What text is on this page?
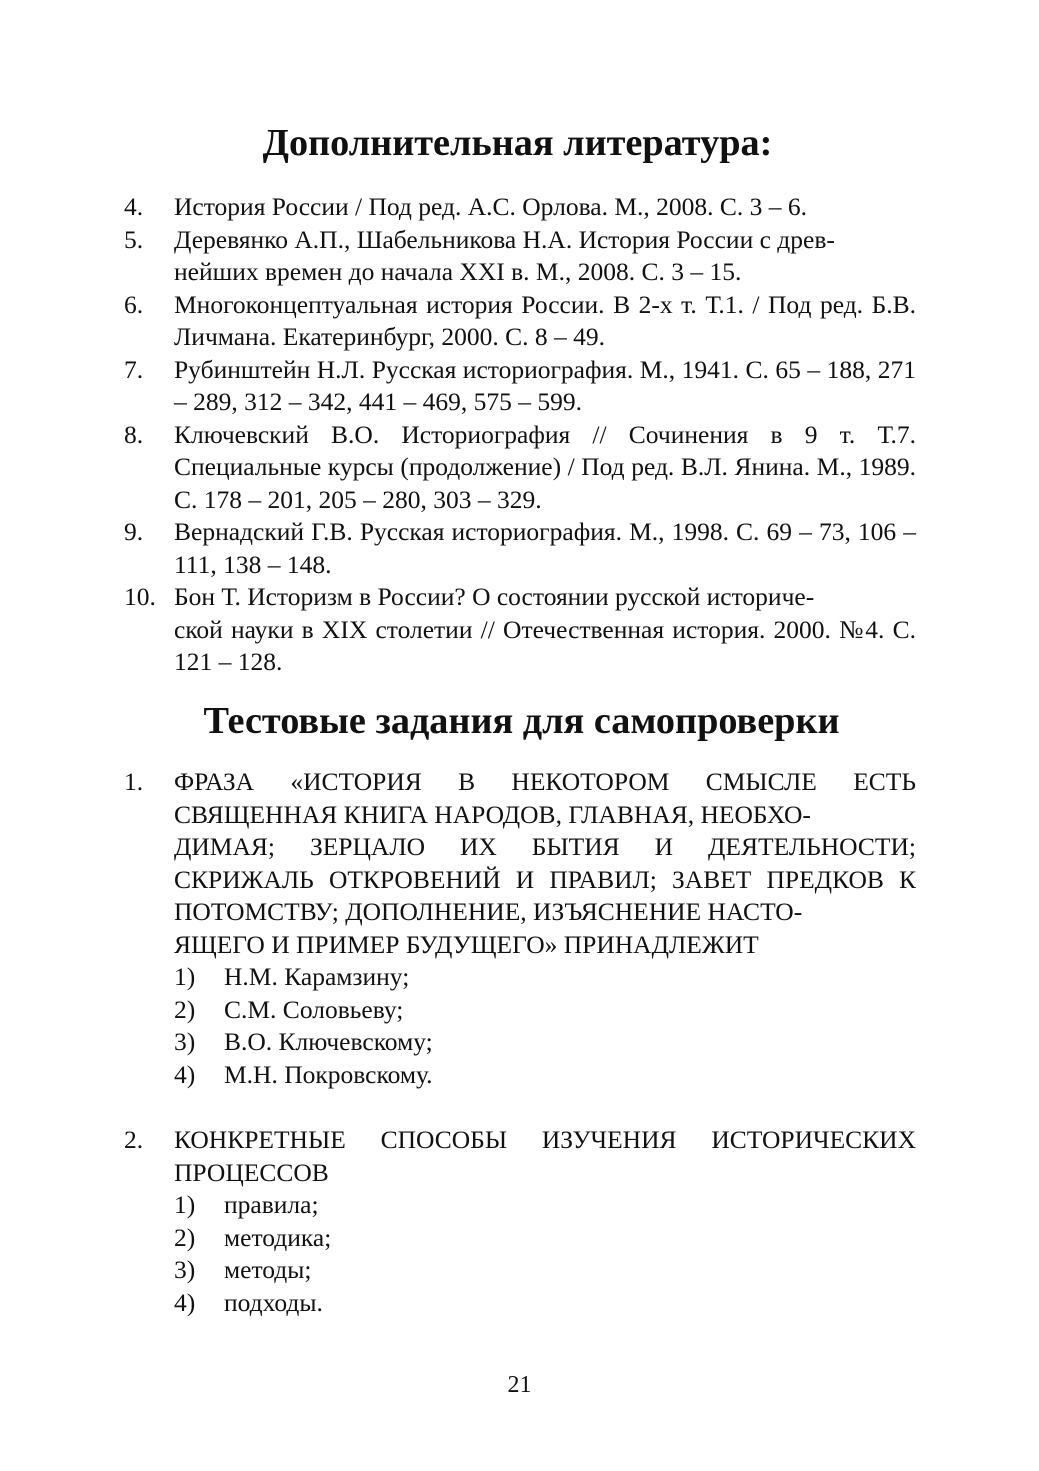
Дополнительная литература:
4. История России / Под ред. А.С. Орлова. М., 2008. С. 3 – 6.
5. Деревянко А.П., Шабельникова Н.А. История России с древ-
нейших времен до начала XXI в. М., 2008. С. 3 – 15.
6. Многоконцептуальная история России. В 2-х т. Т.1. / Под ред. Б.В. Личмана. Екатеринбург, 2000. С. 8 – 49.
7. Рубинштейн Н.Л. Русская историография. М., 1941. С. 65 – 188, 271 – 289, 312 – 342, 441 – 469, 575 – 599.
8. Ключевский В.О. Историография // Сочинения в 9 т. Т.7. Специальные курсы (продолжение) / Под ред. В.Л. Янина. М., 1989. С. 178 – 201, 205 – 280, 303 – 329.
9. Вернадский Г.В. Русская историография. М., 1998. С. 69 – 73, 106 – 111, 138 – 148.
10. Бон Т. Историзм в России? О состоянии русской историче-
ской науки в XIX столетии // Отечественная история. 2000. №4. С. 121 – 128.
Тестовые задания для самопроверки
1. ФРАЗА «ИСТОРИЯ В НЕКОТОРОМ СМЫСЛЕ ЕСТЬ СВЯЩЕННАЯ КНИГА НАРОДОВ, ГЛАВНАЯ, НЕОБХО-
ДИМАЯ; ЗЕРЦАЛО ИХ БЫТИЯ И ДЕЯТЕЛЬНОСТИ; СКРИЖАЛЬ ОТКРОВЕНИЙ И ПРАВИЛ; ЗАВЕТ ПРЕДКОВ К ПОТОМСТВУ; ДОПОЛНЕНИЕ, ИЗЪЯСНЕНИЕ НАСТО-
ЯЩЕГО И ПРИМЕР БУДУЩЕГО» ПРИНАДЛЕЖИТ
1) Н.М. Карамзину;
2) С.М. Соловьеву;
3) В.О. Ключевскому;
4) М.Н. Покровскому.
2. КОНКРЕТНЫЕ СПОСОБЫ ИЗУЧЕНИЯ ИСТОРИЧЕСКИХ ПРОЦЕССОВ
1) правила;
2) методика;
3) методы;
4) подходы.
21
